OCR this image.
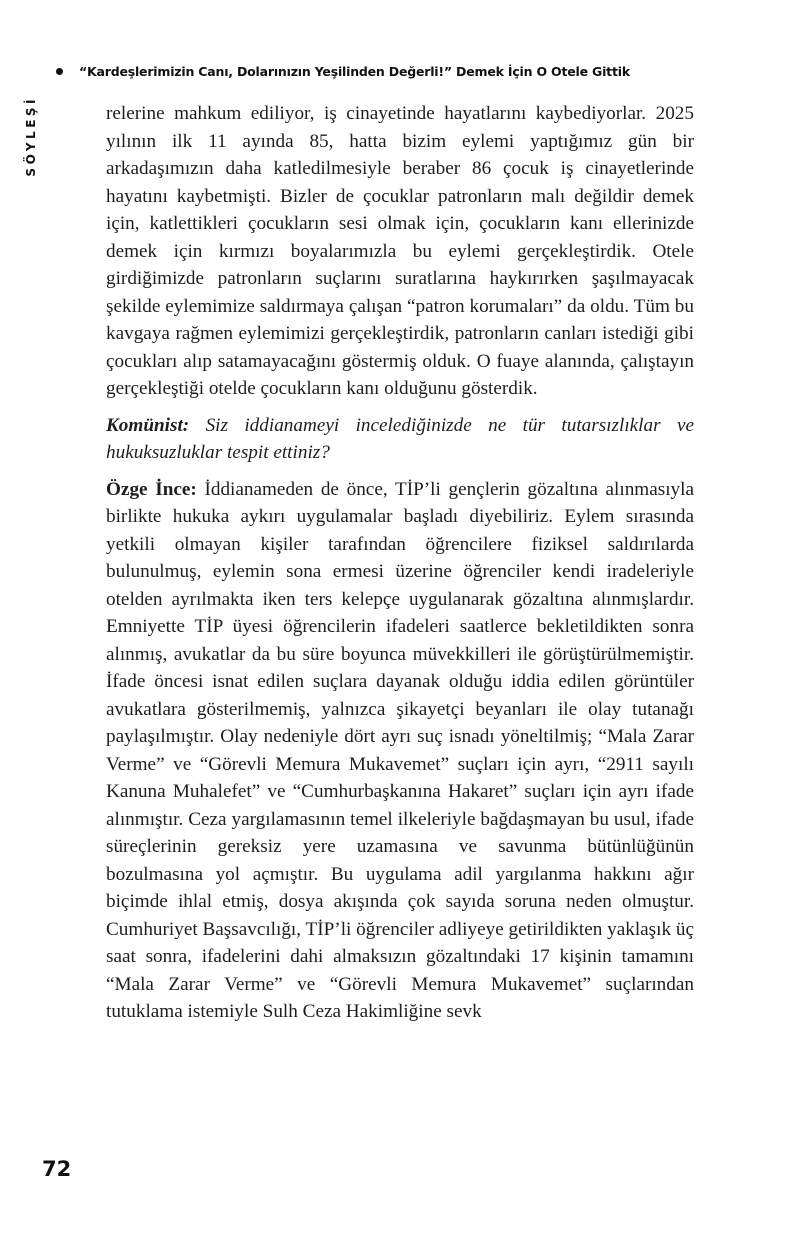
“Kardeşlerimizin Canı, Dolarınızın Yeşilinden Değerli!” Demek İçin O Otele Gittik
SÖYLEŞİ	relerine mahkum ediliyor, iş cinayetinde hayatlarını kaybediyorlar. 2025 yılının ilk 11 ayında 85, hatta bizim eylemi yaptığımız gün bir arkadaşımızın daha katledilmesiyle beraber 86 çocuk iş cinayetlerinde hayatını kaybetmişti. Bizler de çocuklar patronların malı değildir demek için, katlettikleri çocukların sesi olmak için, çocukların kanı ellerinizde demek için kırmızı boyalarımızla bu eylemi gerçekleştirdik. Otele girdiğimizde patronların suçlarını suratlarına haykırırken şaşılmayacak şekilde eylemimize saldırmaya çalışan “patron korumaları” da oldu. Tüm bu kavgaya rağmen eylemimizi gerçekleştirdik, patronların canları istediği gibi çocukları alıp satamayacağını göstermiş olduk. O fuaye alanında, çalıştayın gerçekleştiği otelde çocukların kanı olduğunu gösterdik.

Komünist: Siz iddianameyi incelediğinizde ne tür tutarsızlıklar ve hukuksuzluklar tespit ettiniz?

Özge İnce: İddianameden de önce, TİP’li gençlerin gözaltına alınmasıyla birlikte hukuka aykırı uygulamalar başladı diyebiliriz. Eylem sırasında yetkili olmayan kişiler tarafından öğrencilere fiziksel saldırılarda bulunulmuş, eylemin sona ermesi üzerine öğrenciler kendi iradeleriyle otelden ayrılmakta iken ters kelepçe uygulanarak gözaltına alınmışlardır. Emniyette TİP üyesi öğrencilerin ifadeleri saatlerce bekletildikten sonra alınmış, avukatlar da bu süre boyunca müvekkilleri ile görüştürülmemiştir. İfade öncesi isnat edilen suçlara dayanak olduğu iddia edilen görüntüler avukatlara gösterilmemiş, yalnızca şikayetçi beyanları ile olay tutanağı paylaşılmıştır. Olay nedeniyle dört ayrı suç isnadı yöneltilmiş; “Mala Zarar Verme” ve “Görevli Memura Mukavemet” suçları için ayrı, “2911 sayılı Kanuna Muhalefet” ve “Cumhurbaşkanına Hakaret” suçları için ayrı ifade alınmıştır. Ceza yargılamasının temel ilkeleriyle bağdaşmayan bu usul, ifade süreçlerinin gereksiz yere uzamasına ve savunma bütünlüğünün bozulmasına yol açmıştır. Bu uygulama adil yargılanma hakkını ağır biçimde ihlal etmiş, dosya akışında çok sayıda soruna neden olmuştur. Cumhuriyet Başsavcılığı, TİP’li öğrenciler adliyeye getirildikten yaklaşık üç saat sonra, ifadelerini dahi almaksızın gözaltındaki 17 kişinin tamamını “Mala Zarar Verme” ve “Görevli Memura Mukavemet” suçlarından tutuklama istemiyle Sulh Ceza Hakimliğine sevk

72
